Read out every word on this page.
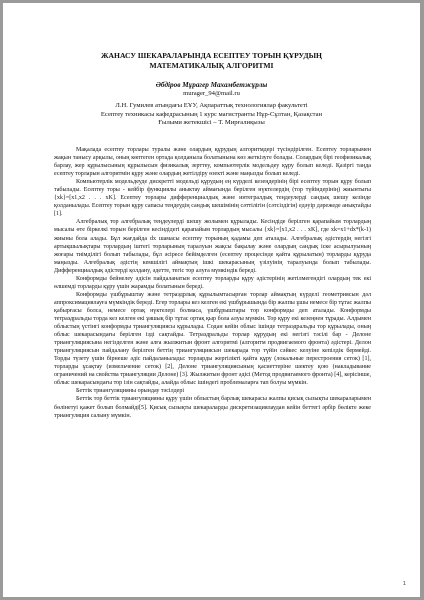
ЖАНАСУ ШЕКАРАЛАРЫНДА ЕСЕПТЕУ ТОРЫН ҚҰРУДЫҢ
МАТЕМАТИКАЛЫҚ АЛГОРИТМІ
Әбдіров Мұрагер Махамбетжұрлы
murager_94@mail.ru
Л.Н. Гумилев атындағы ЕҰУ, Ақпараттық технологиялар факультеті
Есептеу техникасы кафедрасының 1 курс магистранты Нұр-Сұлтан, Қазақстан
Ғылыми жетекшісі – Т. Мирғалиқызы

Мақалада есептеу торлары туралы және олардың құрудың алгоритмдері түсіндірілген. Есептеу торларымен жақын танысу арқылы, оның көптеген ортада қолданыла болатынына көз жеткізуге болады. Солардың бірі геофизикалық барлау, жер құрылысының құрылысын физикалық зерттеу, компьютерлік модельдеу құру болып келеді. Қазіргі таңда есептеу торларын алгоритмін құру және олардың жетілдіру өзекті және маңызды болып келеді.

Компьютерлік модельдеуде дискретті модельді құрудың ең күрделі кезеңдерінің бірі есептеу торын құру болып табылады. Есептеу торы - кейбір функциялы аныктау аймағында берілген нүктелердің (тор түйіндерінің) жиынтығы {xk}=[x1,x2 . . . xK]. Есептеу торлары дифференциалдық және интегралдық теңдеулерді сандық шешу кезінде қолданылады. Есептеу торын құру сапасы теңдеудің сандық шешімінің сәттілігін (сәтсіздігін) едәуір дәрежеде анықтайды [1].

Алгебралық тор алгебралық теңдеулерді шешу жолымен құрылады. Кесіндіде берілген қарапайым торлардың мысалы өте біркелкі торын берілген кесіндідегі қарапайым торлардың мысалы {xk}=[x1,x2 . . . xK], где xk=x1+dx*(k-1) жиыны бола алады. Бұл жағдайда dx шамасы есептеу торының қадамы деп аталады. Алгебралық әдістердің негізгі артықшылықтары торлардың іштегі торларының таралуын жақсы бақылау және олардың сандық іске асырылуының жоғары тиімділігі болып табылады, бұл әсіресе бейімделген (есептеу процесінде қайта құрылатын) торларды құруда маңызды. Алгебралық әдістің кемшілігі аймақтың ішкі шекарасының үзілуінің таралуында болып табылады. Дифференциалдық әдістерді қолдану, әдетте, тегіс тор алуға мүмкіндік береді.

Конформды бейнелеу әдісін пайдаланатын есептеу торларды құру әдістерінің жетілмегендігі олардың тек екі өлшемді торларды құру үшін жарамды болатынын береді.

Конформды үшбұрыштау және тетраэдрлық құрылымтасырған торлар аймақтың күрделі геометриясын дәл аппроксимациялауға мүмкіндік береді. Егер торлары кез келген екі үшбұрышында бір жалпы ұшы немесе бір тұтас жалпы қабырғасы болса, немесе ортақ нүктелері болмаса, үшбұрыштары тор конформды деп аталады. Конформды тетраэдральды торда кез келген екі ұяшық бір тұтас ортақ қыр бола алуы мүмкін. Тор құру екі кезеңнен тұрады. Алдымен облыстың үстінгі конформды триангуляциясы құрылады. Содан кейін облыс ішінде тетраэдральды тор құрылады, оның облыс шекарасындағы берілген ізді сақтайды. Тетраэдральды торлар құрудың екі негізгі тәсілі бар - Делоне триангуляциясына негізделген және алға жылжитын фронт алгоритмі (алгоритм продвигаемого фронта) әдістері. Делон триангуляциясын пайдалану берілген беттің триангуляциясын шекарада тор түйін сәйкес келуіне кепілдік бермейді. Торды түзету үшін бірнеше әдіс пайдаланылады: торларды жергілікті қайта құру (локальные перестроения сеток) [1], торларды ұсақтау (измельчение сеток) [2], Делоне триангуляциясының қасиеттеріне шектеу қою (накладывание ограничений на свойства триангуляции Делоне) [3]. Жылжитын фронт әдісі (Метод продвигаемого фронта) [4], керісінше, облыс шекарасындағы тор ізін сақтайды, алайда облыс ішіндегі проблемаларға тап болуы мүмкін.

Беттік триангуляцияны орындау тәсілдері

Беттік тор беттік триангуляцияны құру үшін облыстың барлық шекарасы жалпы қисық сызықты шекараларымен бөлінетуі қажет болып болмайді[5]. Қисық сызықты шекараларды дискретизациялаудан кейін беттегі әрбір бөлікте жеке триангуляция салыну мүмкін.

1
